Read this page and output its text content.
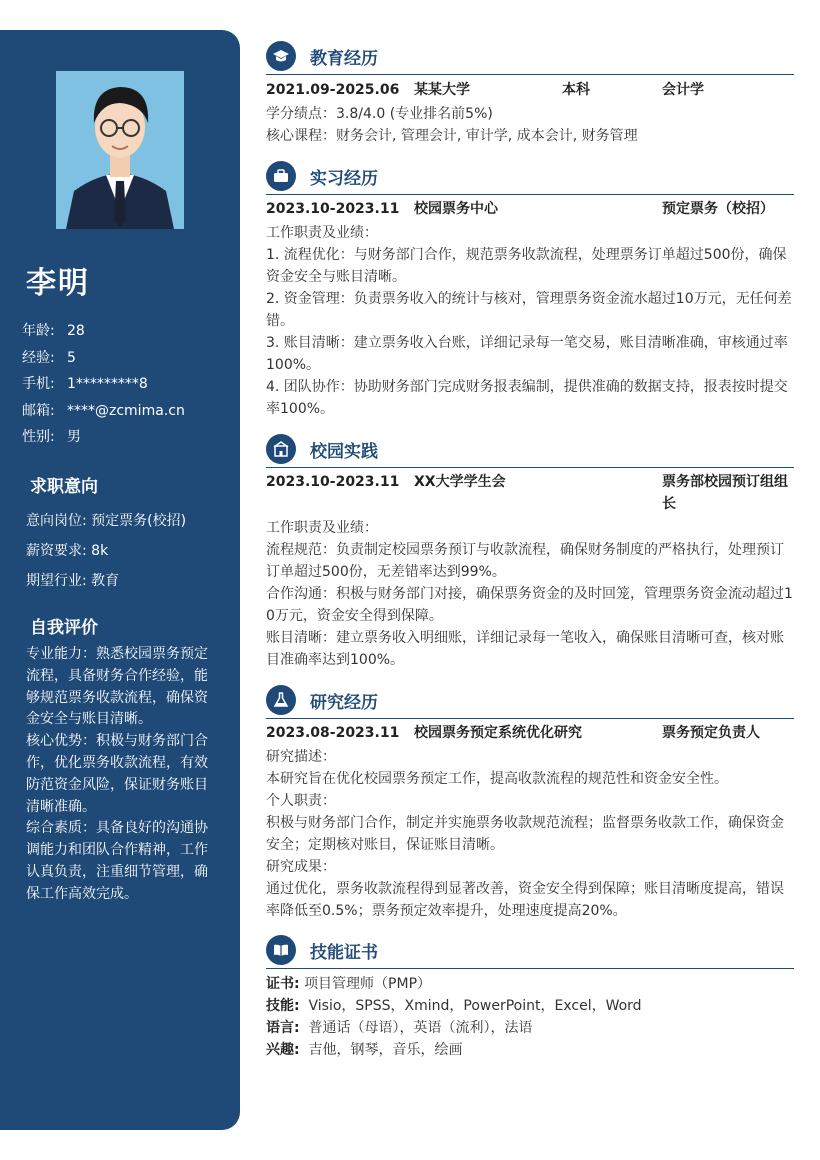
李明
年龄: 28
经验: 5
手机: 1*********8
邮箱: ****@zcmima.cn
性别: 男
求职意向
意向岗位: 预定票务(校招)
薪资要求: 8k
期望行业: 教育
自我评价

专业能力：熟悉校园票务预定流程，具备财务合作经验，能够规范票务收款流程，确保资金安全与账目清晰。

核心优势：积极与财务部门合作，优化票务收款流程，有效防范资金风险，保证财务账目清晰准确。

综合素质：具备良好的沟通协调能力和团队合作精神，工作认真负责，注重细节管理，确保工作高效完成。

教育经历
2021.09-2025.06 某某大学	本科	会计学

学分绩点：3.8/4.0 (专业排名前5%)

核心课程：财务会计, 管理会计, 审计学, 成本会计, 财务管理

实习经历
2023.10-2023.11 校园票务中心	预定票务（校招）

工作职责及业绩：

1. 流程优化：与财务部门合作，规范票务收款流程，处理票务订单超过500份，确保资金安全与账目清晰。

2. 资金管理：负责票务收入的统计与核对，管理票务资金流水超过10万元，无任何差错。

3. 账目清晰：建立票务收入台账，详细记录每一笔交易，账目清晰准确，审核通过率100%。

4. 团队协作：协助财务部门完成财务报表编制，提供准确的数据支持，报表按时提交率100%。

校园实践
2023.10-2023.11 XX大学学生会	票务部校园预订组组长

工作职责及业绩：

流程规范：负责制定校园票务预订与收款流程，确保财务制度的严格执行，处理预订订单超过500份，无差错率达到99%。

合作沟通：积极与财务部门对接，确保票务资金的及时回笼，管理票务资金流动超过10万元，资金安全得到保障。

账目清晰：建立票务收入明细账，详细记录每一笔收入，确保账目清晰可查，核对账目准确率达到100%。

研究经历
2023.08-2023.11 校园票务预定系统优化研究	票务预定负责人

研究描述：

本研究旨在优化校园票务预定工作，提高收款流程的规范性和资金安全性。

个人职责：

积极与财务部门合作，制定并实施票务收款规范流程；监督票务收款工作，确保资金安全；定期核对账目，保证账目清晰。

研究成果：

通过优化，票务收款流程得到显著改善，资金安全得到保障；账目清晰度提高，错误率降低至0.5%；票务预定效率提升，处理速度提高20%。

技能证书
证书: 项目管理师（PMP）
技能: Visio，SPSS，Xmind，PowerPoint，Excel，Word
语言: 普通话（母语），英语（流利），法语
兴趣: 吉他，钢琴，音乐，绘画
